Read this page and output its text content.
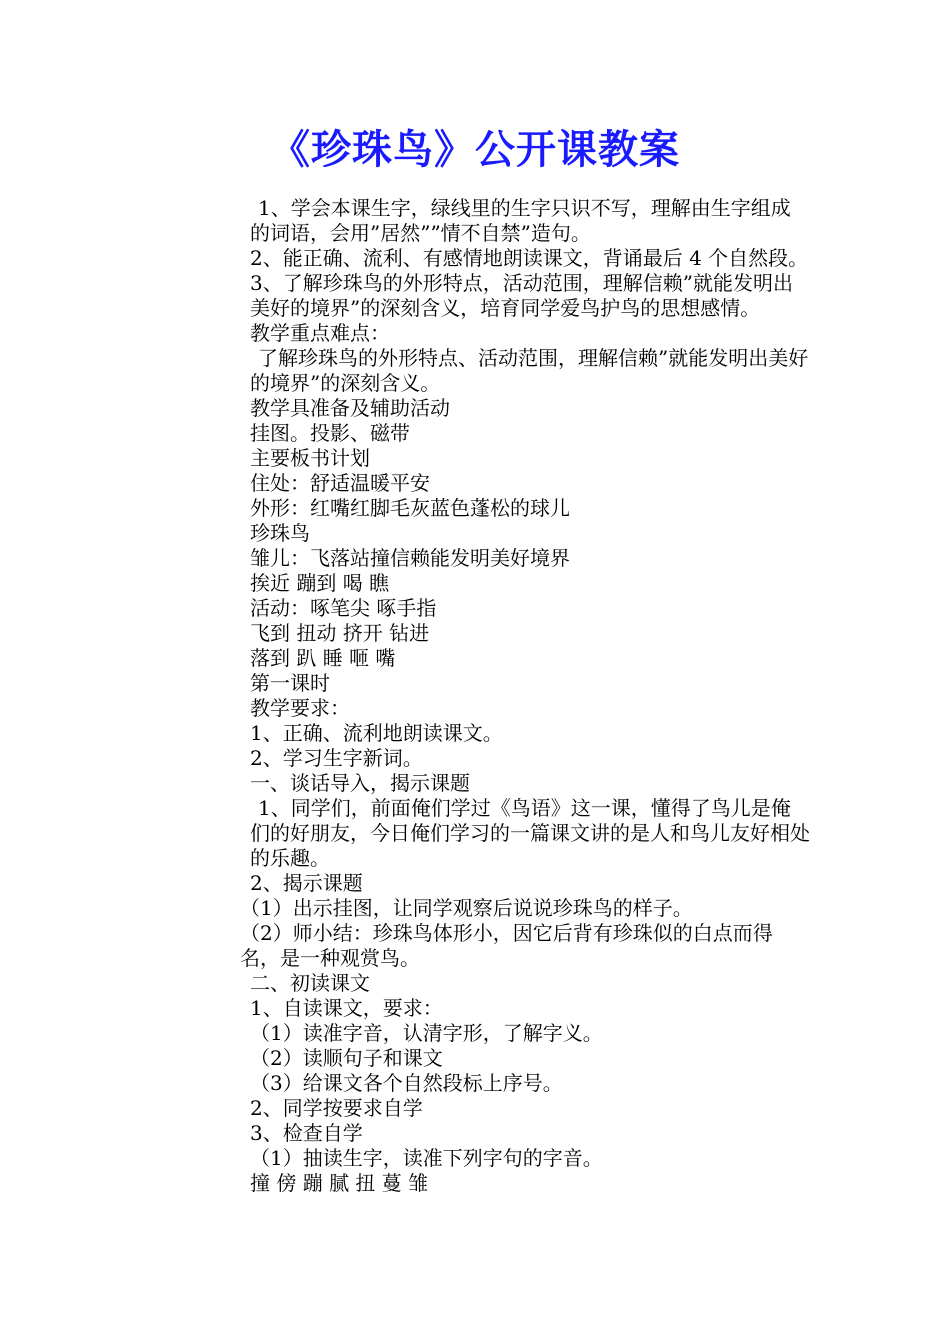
《珍珠鸟》公开课教案

1、学会本课生字，绿线里的生字只识不写，理解由生字组成的词语，会用”居然””情不自禁”造句。

2、能正确、流利、有感情地朗读课文，背诵最后 4 个自然段。

3、了解珍珠鸟的外形特点，活动范围，理解信赖”就能发明出美好的境界”的深刻含义，培育同学爱鸟护鸟的思想感情。

教学重点难点：

了解珍珠鸟的外形特点、活动范围，理解信赖”就能发明出美好的境界”的深刻含义。

教学具准备及辅助活动

挂图。投影、磁带

主要板书计划

住处：舒适温暖平安

外形：红嘴红脚毛灰蓝色蓬松的球儿

珍珠鸟

雏儿：飞落站撞信赖能发明美好境界

挨近 蹦到 喝 瞧

活动：啄笔尖 啄手指

飞到 扭动 挤开 钻进

落到 趴 睡 咂 嘴

第一课时

教学要求：

1、正确、流利地朗读课文。

2、学习生字新词。

一、谈话导入，揭示课题

1、同学们，前面俺们学过《鸟语》这一课，懂得了鸟儿是俺们的好朋友，今日俺们学习的一篇课文讲的是人和鸟儿友好相处的乐趣。

2、揭示课题

（1）出示挂图，让同学观察后说说珍珠鸟的样子。

（2）师小结：珍珠鸟体形小，因它后背有珍珠似的白点而得名，是一种观赏鸟。

二、初读课文

1、自读课文，要求：

（1）读准字音，认清字形，了解字义。

（2）读顺句子和课文

（3）给课文各个自然段标上序号。

2、同学按要求自学

3、检查自学

（1）抽读生字，读准下列字句的字音。

撞 傍 蹦 腻 扭 蔓 雏
